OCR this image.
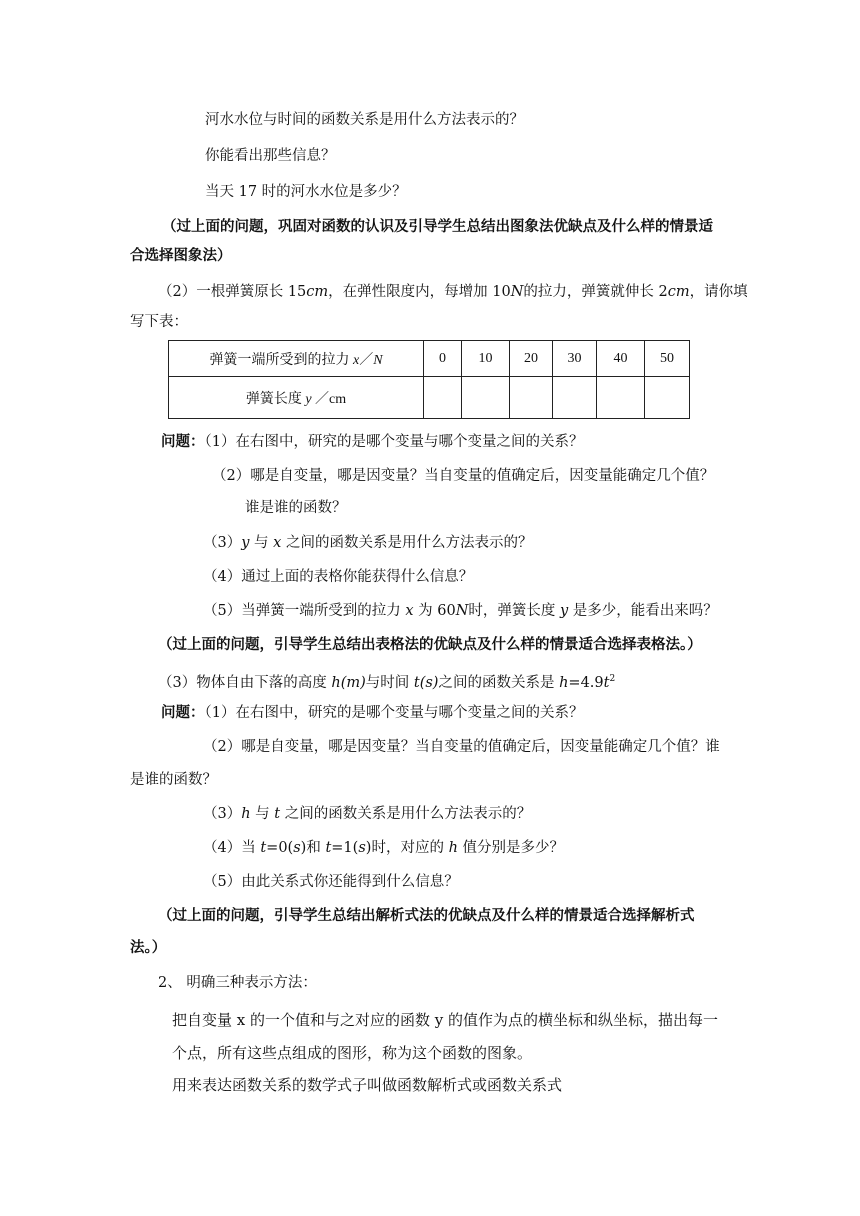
河水水位与时间的函数关系是用什么方法表示的？
你能看出那些信息？
当天 17 时的河水水位是多少？
（过上面的问题，巩固对函数的认识及引导学生总结出图象法优缺点及什么样的情景适
合选择图象法）
（2）一根弹簧原长 15cm，在弹性限度内，每增加 10N的拉力，弹簧就伸长 2cm，请你填
写下表：
弹簧一端所受到的拉力 x／N	0	10	20	30	40	50
弹簧长度 y ／cm						
问题：（1）在右图中，研究的是哪个变量与哪个变量之间的关系？
（2）哪是自变量，哪是因变量？当自变量的值确定后，因变量能确定几个值？
谁是谁的函数？
（3）y 与 x 之间的函数关系是用什么方法表示的？
（4）通过上面的表格你能获得什么信息？
（5）当弹簧一端所受到的拉力 x 为 60N时，弹簧长度 y 是多少，能看出来吗？
（过上面的问题，引导学生总结出表格法的优缺点及什么样的情景适合选择表格法。）
（3）物体自由下落的高度 h(m)与时间 t(s)之间的函数关系是 $h=4.9t^2$
问题：（1）在右图中，研究的是哪个变量与哪个变量之间的关系？
（2）哪是自变量，哪是因变量？当自变量的值确定后，因变量能确定几个值？谁
是谁的函数？
（3）h 与 t 之间的函数关系是用什么方法表示的？
（4）当 t=0(s)和 t=1(s)时，对应的 h 值分别是多少？
（5）由此关系式你还能得到什么信息？
（过上面的问题，引导学生总结出解析式法的优缺点及什么样的情景适合选择解析式
法。）
2、 明确三种表示方法：
把自变量 x 的一个值和与之对应的函数 y 的值作为点的横坐标和纵坐标，描出每一
个点，所有这些点组成的图形，称为这个函数的图象。
用来表达函数关系的数学式子叫做函数解析式或函数关系式
